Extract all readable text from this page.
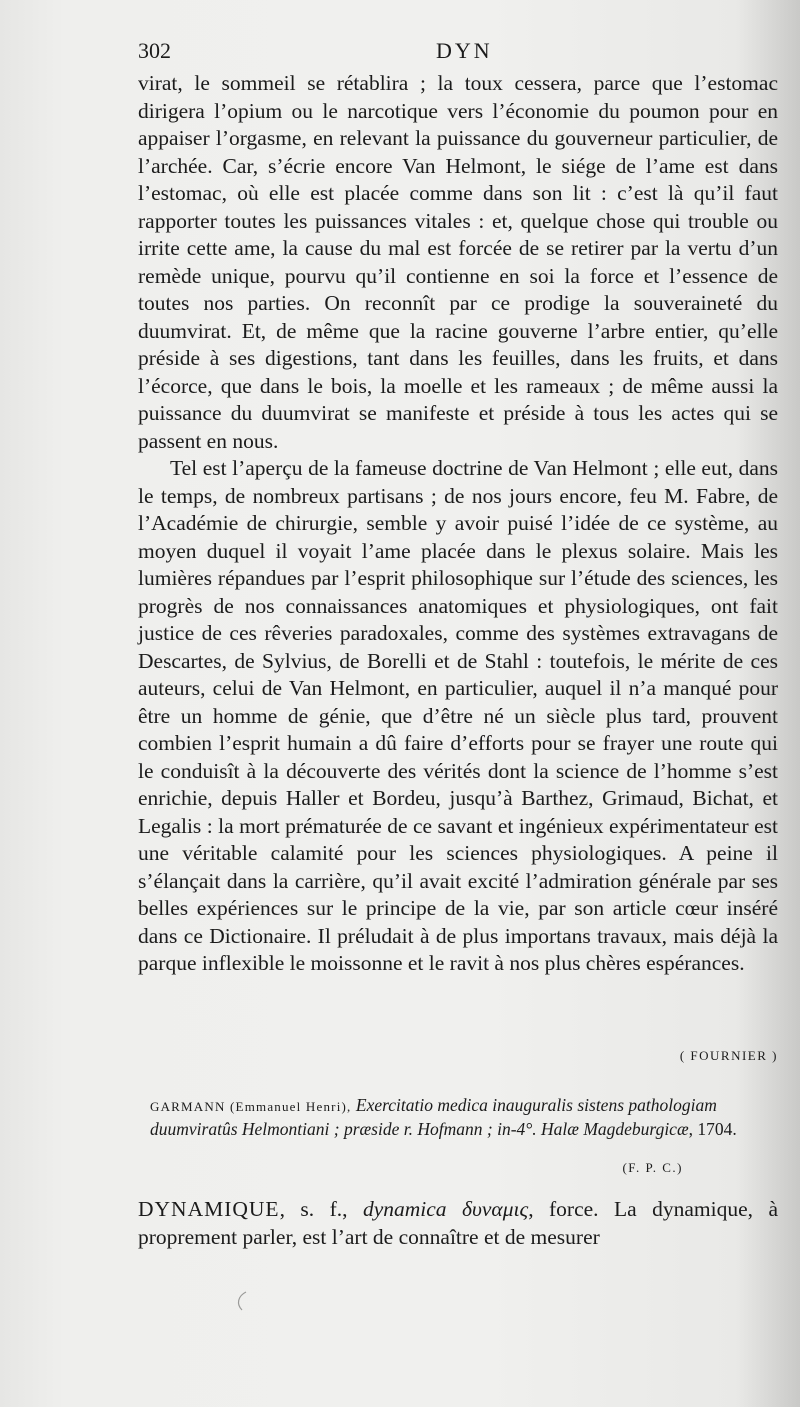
302	DYN

virat, le sommeil se rétablira ; la toux cessera, parce que l’estomac dirigera l’opium ou le narcotique vers l’économie du poumon pour en appaiser l’orgasme, en relevant la puissance du gouverneur particulier, de l’archée. Car, s’écrie encore Van Helmont, le siége de l’ame est dans l’estomac, où elle est placée comme dans son lit : c’est là qu’il faut rapporter toutes les puissances vitales : et, quelque chose qui trouble ou irrite cette ame, la cause du mal est forcée de se retirer par la vertu d’un remède unique, pourvu qu’il contienne en soi la force et l’essence de toutes nos parties. On reconnît par ce prodige la souveraineté du duumvirat. Et, de même que la racine gouverne l’arbre entier, qu’elle préside à ses digestions, tant dans les feuilles, dans les fruits, et dans l’écorce, que dans le bois, la moelle et les rameaux ; de même aussi la puissance du duumvirat se manifeste et préside à tous les actes qui se passent en nous.

Tel est l’aperçu de la fameuse doctrine de Van Helmont ; elle eut, dans le temps, de nombreux partisans ; de nos jours encore, feu M. Fabre, de l’Académie de chirurgie, semble y avoir puisé l’idée de ce système, au moyen duquel il voyait l’ame placée dans le plexus solaire. Mais les lumières répandues par l’esprit philosophique sur l’étude des sciences, les progrès de nos connaissances anatomiques et physiologiques, ont fait justice de ces rêveries paradoxales, comme des systèmes extravagans de Descartes, de Sylvius, de Borelli et de Stahl : toutefois, le mérite de ces auteurs, celui de Van Helmont, en particulier, auquel il n’a manqué pour être un homme de génie, que d’être né un siècle plus tard, prouvent combien l’esprit humain a dû faire d’efforts pour se frayer une route qui le conduisît à la découverte des vérités dont la science de l’homme s’est enrichie, depuis Haller et Bordeu, jusqu’à Barthez, Grimaud, Bichat, et Legalis : la mort prématurée de ce savant et ingénieux expérimentateur est une véritable calamité pour les sciences physiologiques. A peine il s’élançait dans la carrière, qu’il avait excité l’admiration générale par ses belles expériences sur le principe de la vie, par son article cœur inséré dans ce Dictionaire. Il préludait à de plus importans travaux, mais déjà la parque inflexible le moissonne et le ravit à nos plus chères espérances.

( FOURNIER )
GARMANN (Emmanuel Henri), Exercitatio medica inauguralis sistens pathologiam duumviratûs Helmontiani ; præside r. Hofmann ; in-4°. Halæ Magdeburgicæ, 1704.
(F. P. C.)
DYNAMIQUE, s. f., dynamica δυναμις, force. La dynamique, à proprement parler, est l’art de connaître et de mesurer
